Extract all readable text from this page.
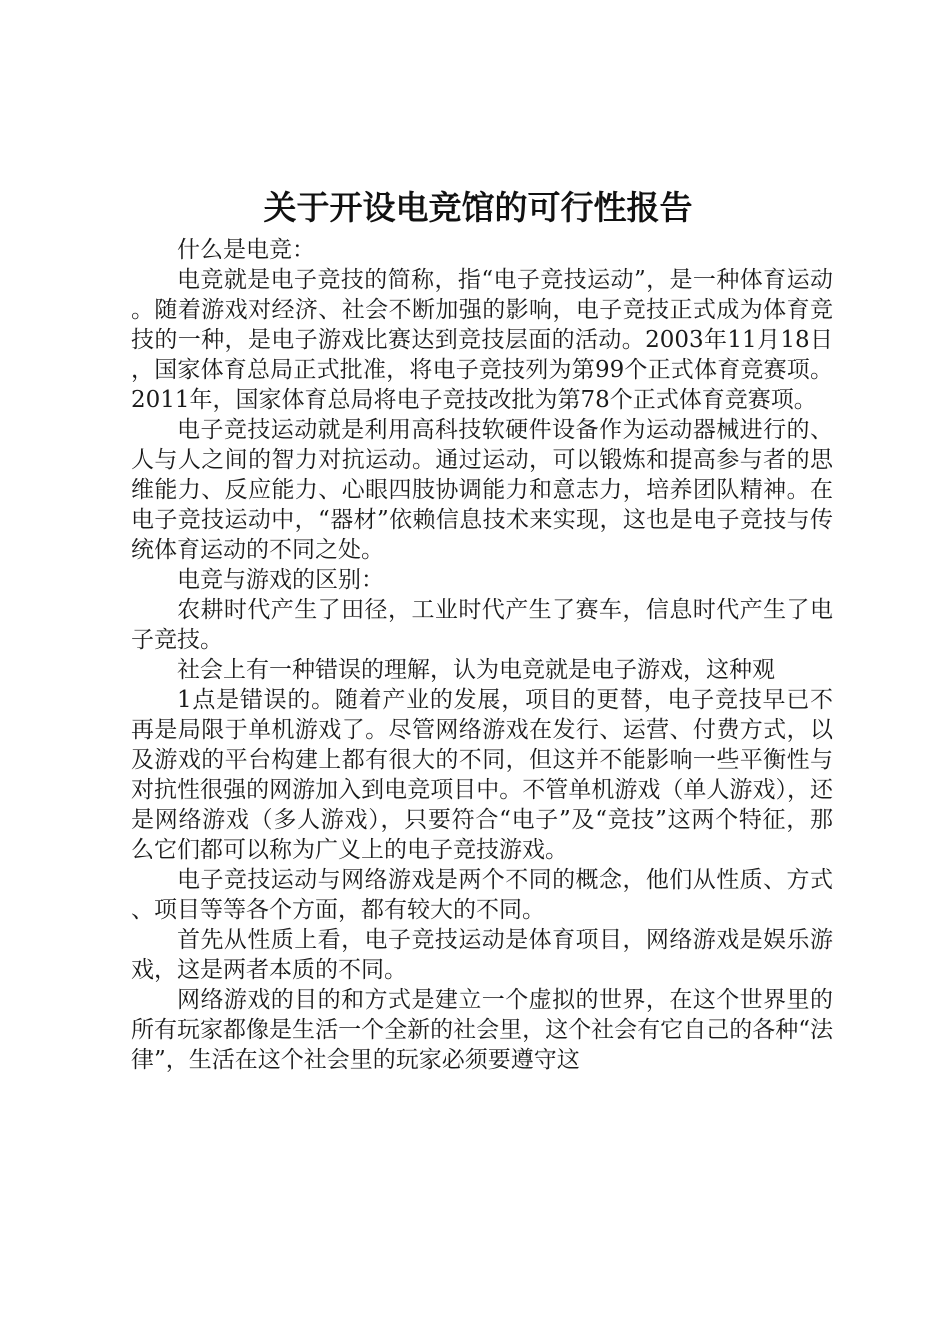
关于开设电竞馆的可行性报告

什么是电竞：

电竞就是电子竞技的简称，指“电子竞技运动”，是一种体育运动。随着游戏对经济、社会不断加强的影响，电子竞技正式成为体育竞技的一种，是电子游戏比赛达到竞技层面的活动。2003年11月18日，国家体育总局正式批准，将电子竞技列为第99个正式体育竞赛项。2011年，国家体育总局将电子竞技改批为第78个正式体育竞赛项。

电子竞技运动就是利用高科技软硬件设备作为运动器械进行的、人与人之间的智力对抗运动。通过运动，可以锻炼和提高参与者的思维能力、反应能力、心眼四肢协调能力和意志力，培养团队精神。在电子竞技运动中，“器材”依赖信息技术来实现，这也是电子竞技与传统体育运动的不同之处。

电竞与游戏的区别：

农耕时代产生了田径，工业时代产生了赛车，信息时代产生了电子竞技。

社会上有一种错误的理解，认为电竞就是电子游戏，这种观

1点是错误的。随着产业的发展，项目的更替，电子竞技早已不再是局限于单机游戏了。尽管网络游戏在发行、运营、付费方式，以及游戏的平台构建上都有很大的不同，但这并不能影响一些平衡性与对抗性很强的网游加入到电竞项目中。不管单机游戏（单人游戏），还是网络游戏（多人游戏），只要符合“电子”及“竞技”这两个特征，那么它们都可以称为广义上的电子竞技游戏。

电子竞技运动与网络游戏是两个不同的概念，他们从性质、方式、项目等等各个方面，都有较大的不同。

首先从性质上看，电子竞技运动是体育项目，网络游戏是娱乐游戏，这是两者本质的不同。

网络游戏的目的和方式是建立一个虚拟的世界，在这个世界里的所有玩家都像是生活一个全新的社会里，这个社会有它自己的各种“法律”，生活在这个社会里的玩家必须要遵守这
